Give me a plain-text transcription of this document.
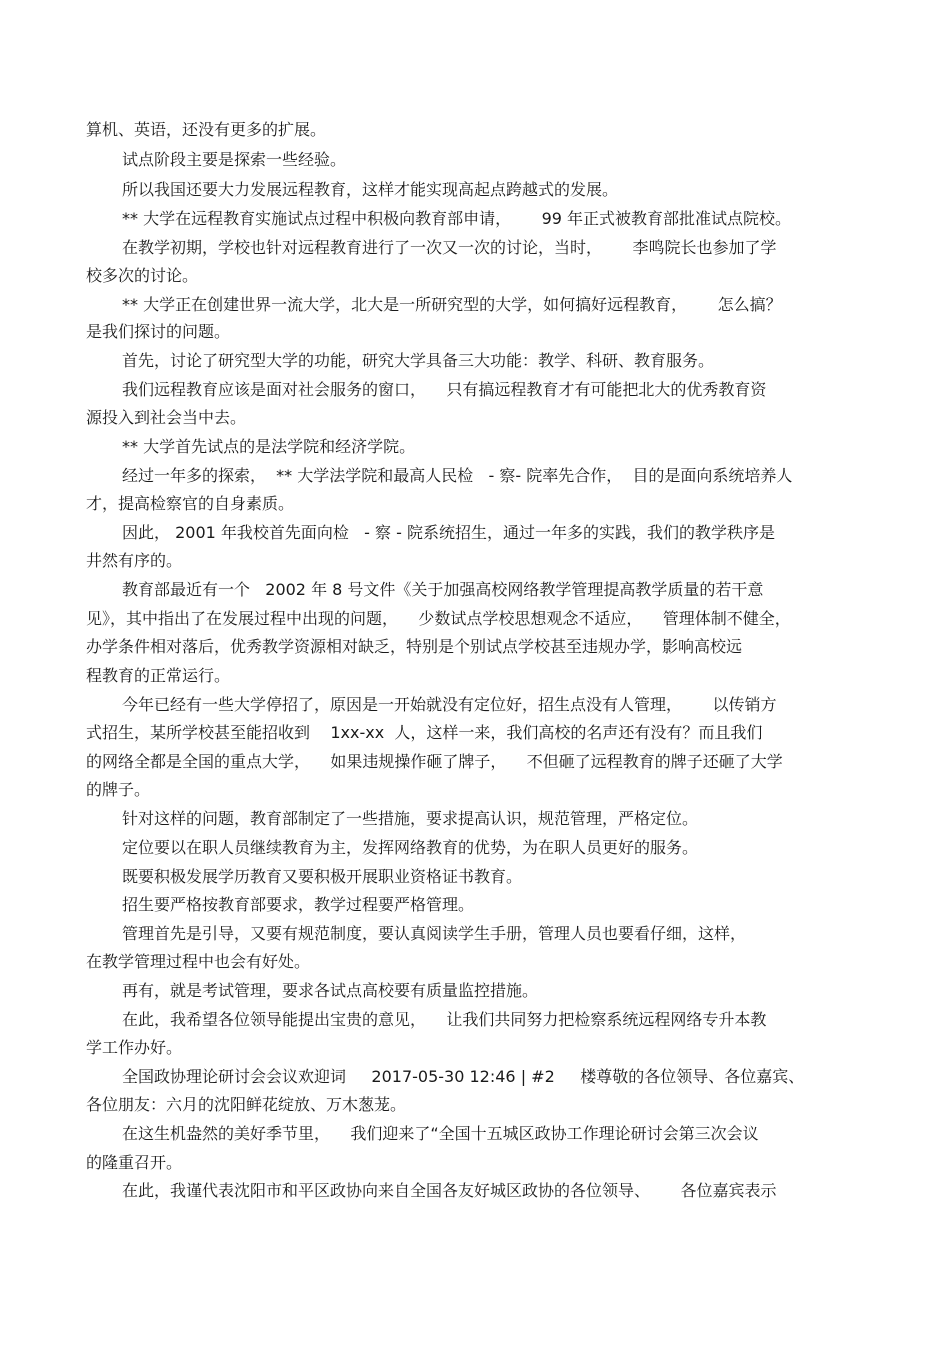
算机、英语，还没有更多的扩展。

试点阶段主要是探索一些经验。

所以我国还要大力发展远程教育，这样才能实现高起点跨越式的发展。

** 大学在远程教育实施试点过程中积极向教育部申请，      99 年正式被教育部批准试点院校。

在教学初期，学校也针对远程教育进行了一次又一次的讨论，当时，      李鸣院长也参加了学

校多次的讨论。

** 大学正在创建世界一流大学，北大是一所研究型的大学，如何搞好远程教育，      怎么搞？

是我们探讨的问题。

首先，讨论了研究型大学的功能，研究大学具备三大功能：教学、科研、教育服务。

我们远程教育应该是面对社会服务的窗口，    只有搞远程教育才有可能把北大的优秀教育资

源投入到社会当中去。

** 大学首先试点的是法学院和经济学院。

经过一年多的探索，  ** 大学法学院和最高人民检   - 察- 院率先合作，  目的是面向系统培养人

才，提高检察官的自身素质。

因此， 2001 年我校首先面向检   - 察 - 院系统招生，通过一年多的实践，我们的教学秩序是

井然有序的。

教育部最近有一个   2002 年 8 号文件《关于加强高校网络教学管理提高教学质量的若干意

见》，其中指出了在发展过程中出现的问题，    少数试点学校思想观念不适应，    管理体制不健全，

办学条件相对落后，优秀教学资源相对缺乏，特别是个别试点学校甚至违规办学，影响高校远

程教育的正常运行。

今年已经有一些大学停招了，原因是一开始就没有定位好，招生点没有人管理，      以传销方

式招生，某所学校甚至能招收到    1xx-xx  人，这样一来，我们高校的名声还有没有？而且我们

的网络全都是全国的重点大学，    如果违规操作砸了牌子，    不但砸了远程教育的牌子还砸了大学

的牌子。

针对这样的问题，教育部制定了一些措施，要求提高认识，规范管理，严格定位。

定位要以在职人员继续教育为主，发挥网络教育的优势，为在职人员更好的服务。

既要积极发展学历教育又要积极开展职业资格证书教育。

招生要严格按教育部要求，教学过程要严格管理。

管理首先是引导，又要有规范制度，要认真阅读学生手册，管理人员也要看仔细，这样，

在教学管理过程中也会有好处。

再有，就是考试管理，要求各试点高校要有质量监控措施。

在此，我希望各位领导能提出宝贵的意见，    让我们共同努力把检察系统远程网络专升本教

学工作办好。

全国政协理论研讨会会议欢迎词     2017-05-30 12:46 | #2     楼尊敬的各位领导、各位嘉宾、

各位朋友：六月的沈阳鲜花绽放、万木葱茏。

在这生机盎然的美好季节里，    我们迎来了“全国十五城区政协工作理论研讨会第三次会议

的隆重召开。

在此，我谨代表沈阳市和平区政协向来自全国各友好城区政协的各位领导、      各位嘉宾表示
